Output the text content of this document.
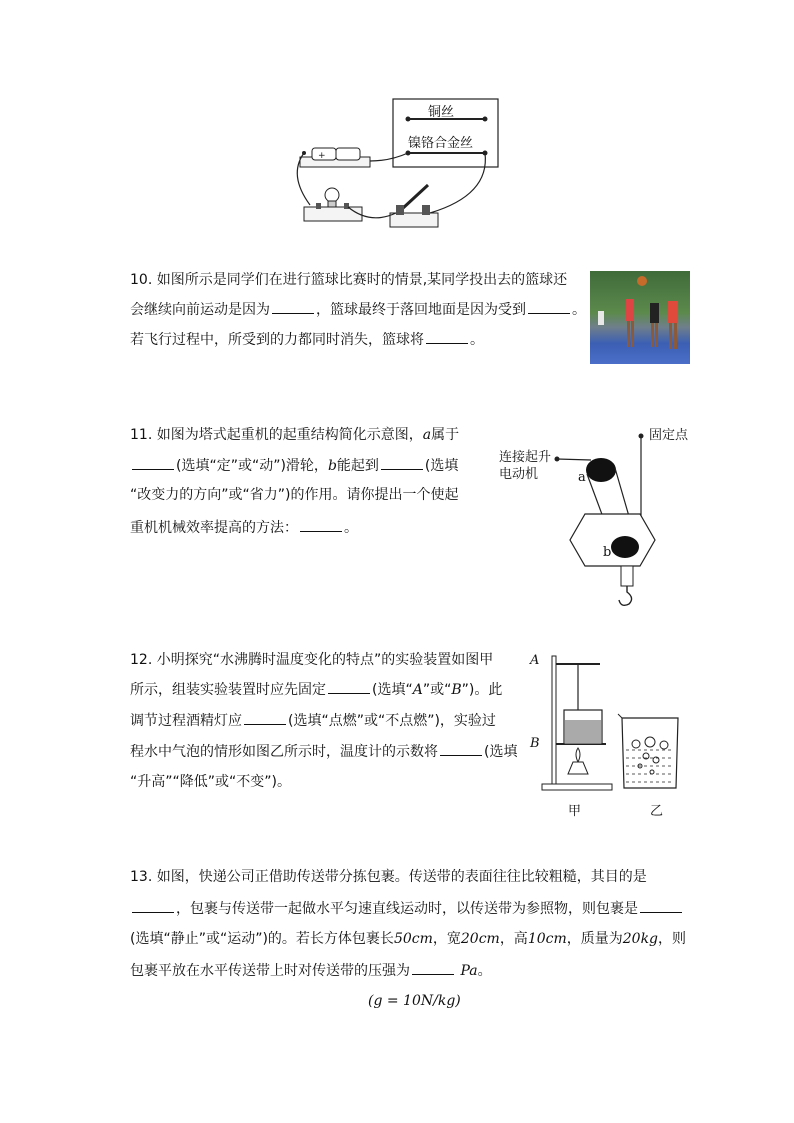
+
铜丝
镍铬合金丝
10. 如图所示是同学们在进行篮球比赛时的情景,某同学投出去的篮球还
会继续向前运动是因为	，篮球最终于落回地面是因为受到	。
若飞行过程中，所受到的力都同时消失，篮球将	。
11. 如图为塔式起重机的起重结构简化示意图，a属于
(选填“定”或“动”)滑轮，b能起到	(选填
“改变力的方向”或“省力”)的作用。请你提出一个使起
重机机械效率提高的方法：	。
固定点
连接起升
电动机	a
b
12. 小明探究“水沸腾时温度变化的特点”的实验装置如图甲
所示，组装实验装置时应先固定	(选填“A”或“B”)。此
调节过程酒精灯应	(选填“点燃”或“不点燃”)，实验过
程水中气泡的情形如图乙所示时，温度计的示数将	(选填
“升高”“降低”或“不变”)。
A
B
甲	乙
13. 如图，快递公司正借助传送带分拣包裹。传送带的表面往往比较粗糙，其目的是
，包裹与传送带一起做水平匀速直线运动时，以传送带为参照物，则包裹是
(选填“静止”或“运动”)的。若长方体包裹长50cm，宽20cm，高10cm，质量为20kg，则
包裹平放在水平传送带上时对传送带的压强为	Pa。
(g = 10N/kg)
